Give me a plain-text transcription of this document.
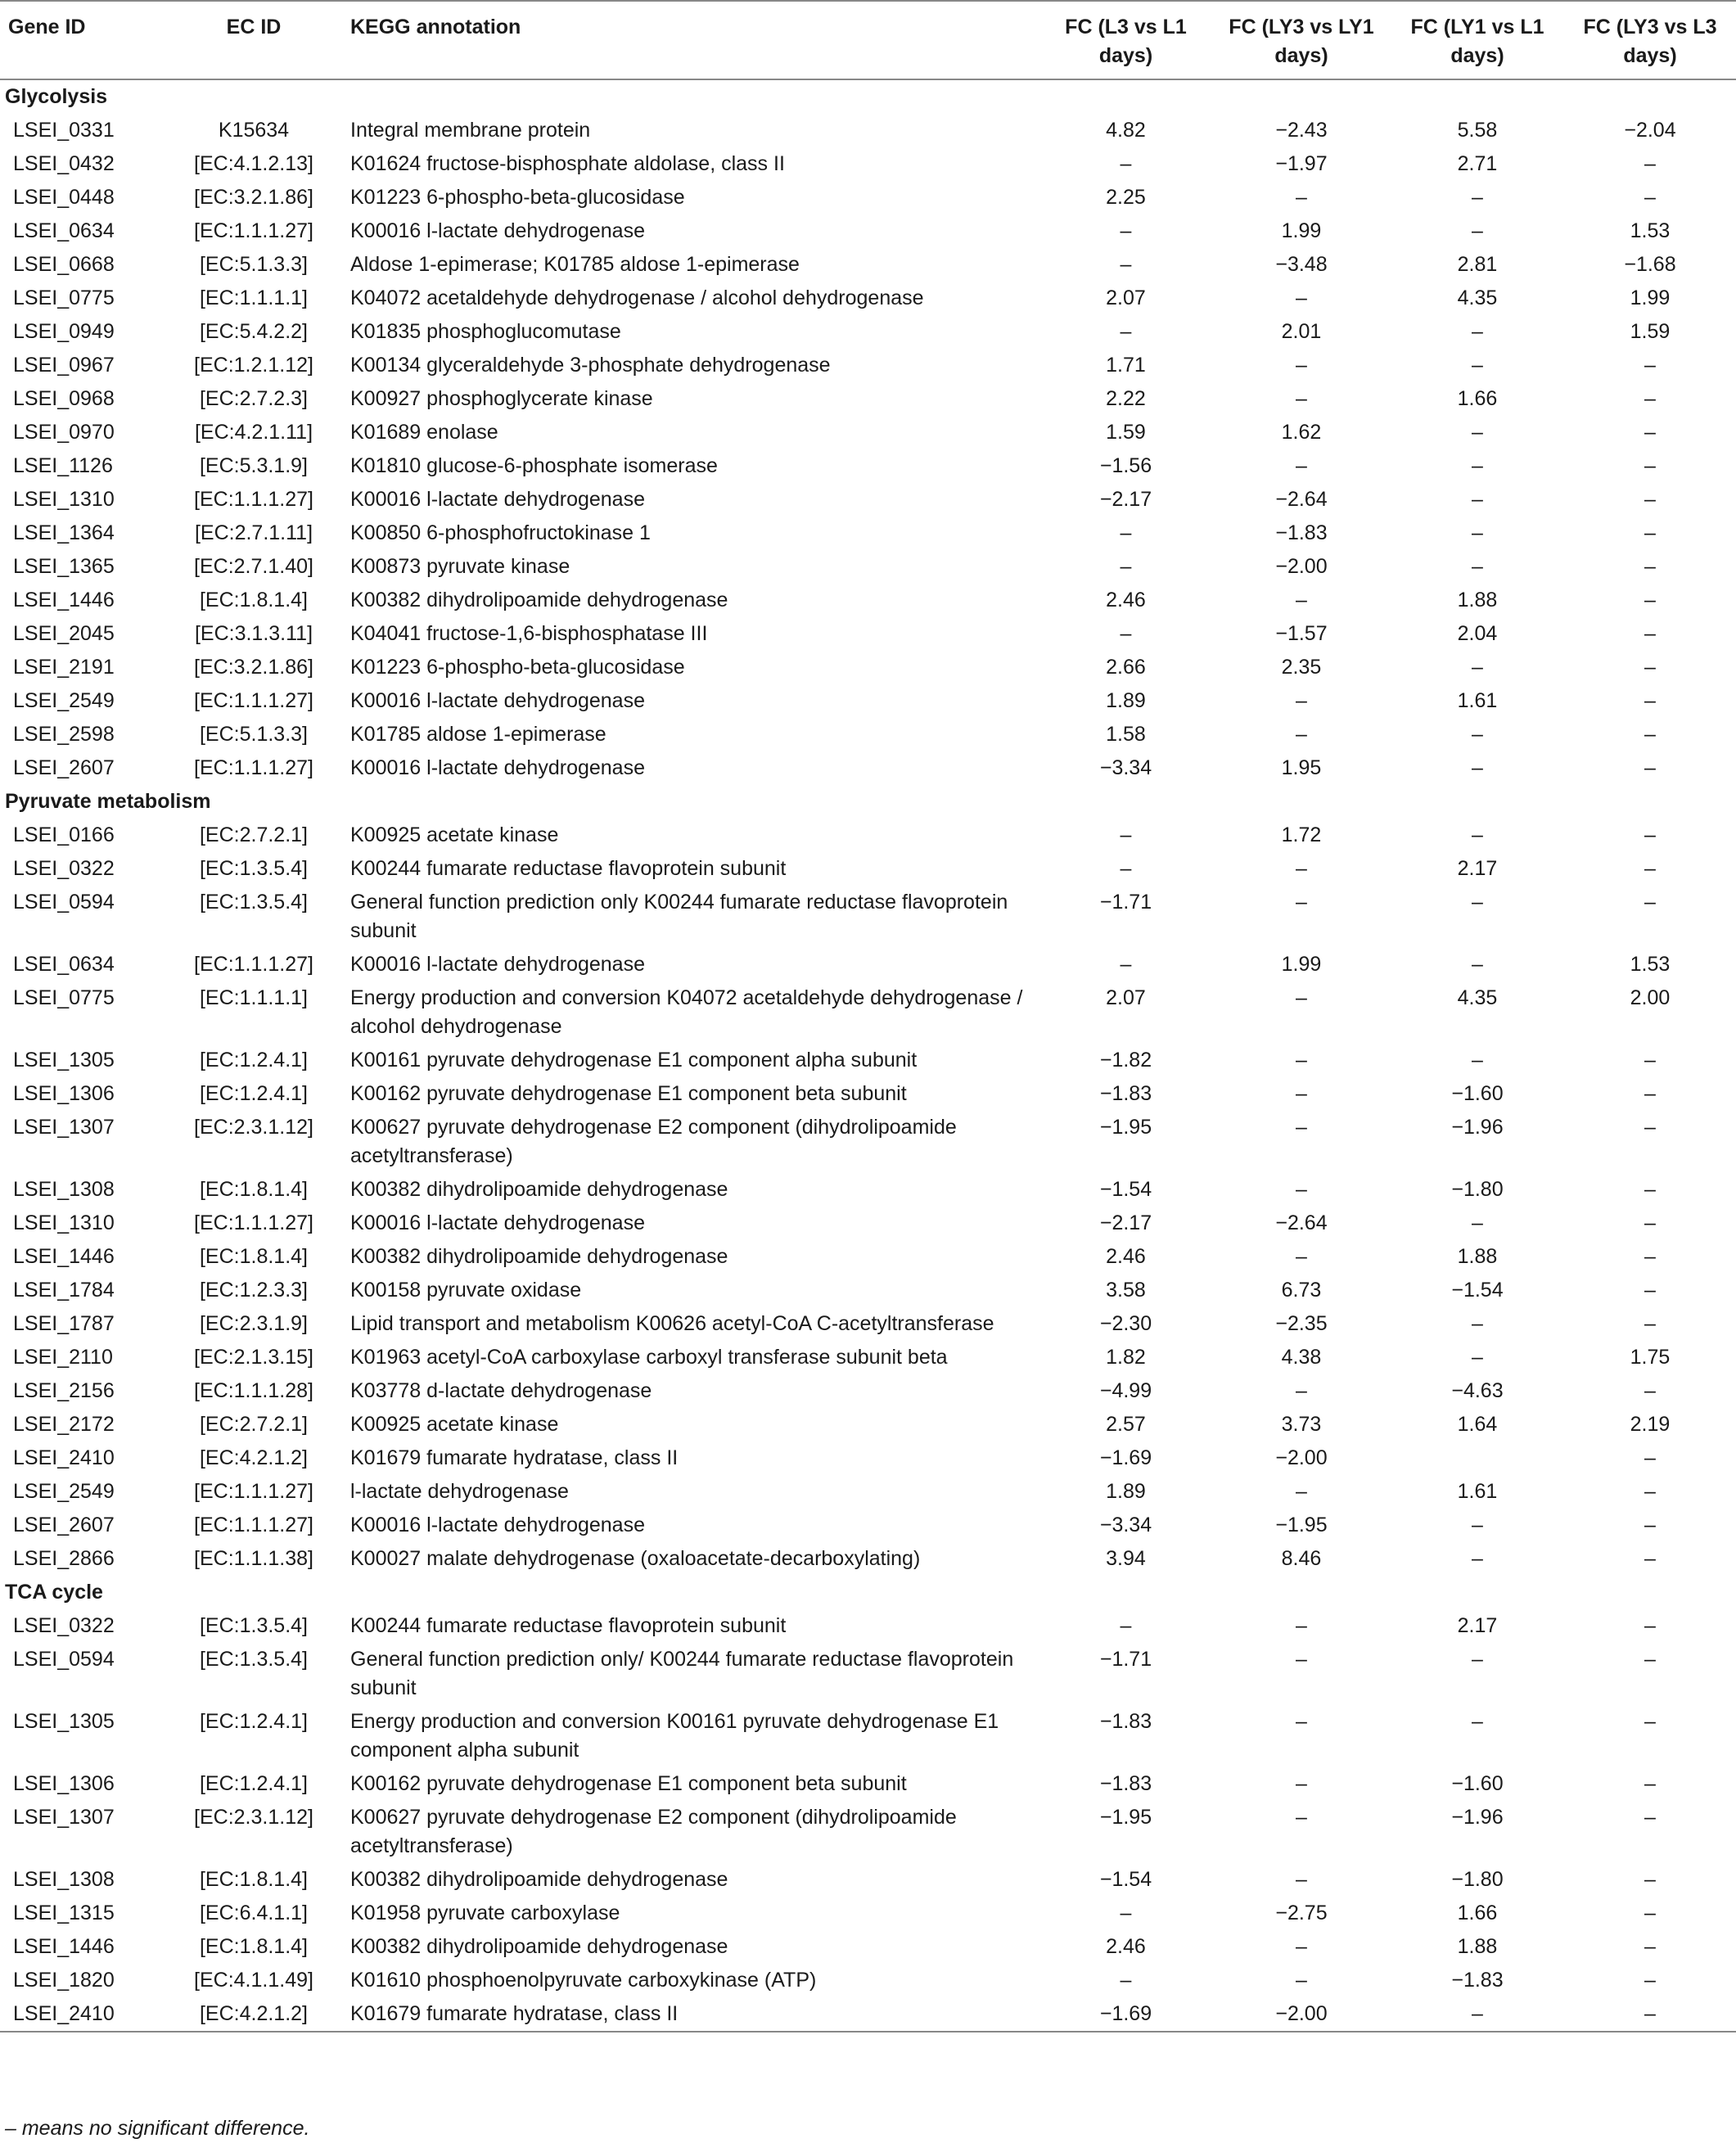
Gene ID	EC ID	KEGG annotation	FC (L3 vs L1 days)	FC (LY3 vs LY1 days)	FC (LY1 vs L1 days)	FC (LY3 vs L3 days)
Glycolysis						
LSEI_0331	K15634	Integral membrane protein	4.82	−2.43	5.58	−2.04
LSEI_0432	[EC:4.1.2.13]	K01624 fructose-bisphosphate aldolase, class II	–	−1.97	2.71	–
LSEI_0448	[EC:3.2.1.86]	K01223 6-phospho-beta-glucosidase	2.25	–	–	–
LSEI_0634	[EC:1.1.1.27]	K00016 l-lactate dehydrogenase	–	1.99	–	1.53
LSEI_0668	[EC:5.1.3.3]	Aldose 1-epimerase; K01785 aldose 1-epimerase	–	−3.48	2.81	−1.68
LSEI_0775	[EC:1.1.1.1]	K04072 acetaldehyde dehydrogenase / alcohol dehydrogenase	2.07	–	4.35	1.99
LSEI_0949	[EC:5.4.2.2]	K01835 phosphoglucomutase	–	2.01	–	1.59
LSEI_0967	[EC:1.2.1.12]	K00134 glyceraldehyde 3-phosphate dehydrogenase	1.71	–	–	–
LSEI_0968	[EC:2.7.2.3]	K00927 phosphoglycerate kinase	2.22	–	1.66	–
LSEI_0970	[EC:4.2.1.11]	K01689 enolase	1.59	1.62	–	–
LSEI_1126	[EC:5.3.1.9]	K01810 glucose-6-phosphate isomerase	−1.56	–	–	–
LSEI_1310	[EC:1.1.1.27]	K00016 l-lactate dehydrogenase	−2.17	−2.64	–	–
LSEI_1364	[EC:2.7.1.11]	K00850 6-phosphofructokinase 1	–	−1.83	–	–
LSEI_1365	[EC:2.7.1.40]	K00873 pyruvate kinase	–	−2.00	–	–
LSEI_1446	[EC:1.8.1.4]	K00382 dihydrolipoamide dehydrogenase	2.46	–	1.88	–
LSEI_2045	[EC:3.1.3.11]	K04041 fructose-1,6-bisphosphatase III	–	−1.57	2.04	–
LSEI_2191	[EC:3.2.1.86]	K01223 6-phospho-beta-glucosidase	2.66	2.35	–	–
LSEI_2549	[EC:1.1.1.27]	K00016 l-lactate dehydrogenase	1.89	–	1.61	–
LSEI_2598	[EC:5.1.3.3]	K01785 aldose 1-epimerase	1.58	–	–	–
LSEI_2607	[EC:1.1.1.27]	K00016 l-lactate dehydrogenase	−3.34	1.95	–	–
Pyruvate metabolism						
LSEI_0166	[EC:2.7.2.1]	K00925 acetate kinase	–	1.72	–	–
LSEI_0322	[EC:1.3.5.4]	K00244 fumarate reductase flavoprotein subunit	–	–	2.17	–
LSEI_0594	[EC:1.3.5.4]	General function prediction only K00244 fumarate reductase flavoprotein subunit	−1.71	–	–	–
LSEI_0634	[EC:1.1.1.27]	K00016 l-lactate dehydrogenase	–	1.99	–	1.53
LSEI_0775	[EC:1.1.1.1]	Energy production and conversion K04072 acetaldehyde dehydrogenase / alcohol dehydrogenase	2.07	–	4.35	2.00
LSEI_1305	[EC:1.2.4.1]	K00161 pyruvate dehydrogenase E1 component alpha subunit	−1.82	–	–	–
LSEI_1306	[EC:1.2.4.1]	K00162 pyruvate dehydrogenase E1 component beta subunit	−1.83	–	−1.60	–
LSEI_1307	[EC:2.3.1.12]	K00627 pyruvate dehydrogenase E2 component (dihydrolipoamide acetyltransferase)	−1.95	–	−1.96	–
LSEI_1308	[EC:1.8.1.4]	K00382 dihydrolipoamide dehydrogenase	−1.54	–	−1.80	–
LSEI_1310	[EC:1.1.1.27]	K00016 l-lactate dehydrogenase	−2.17	−2.64	–	–
LSEI_1446	[EC:1.8.1.4]	K00382 dihydrolipoamide dehydrogenase	2.46	–	1.88	–
LSEI_1784	[EC:1.2.3.3]	K00158 pyruvate oxidase	3.58	6.73	−1.54	–
LSEI_1787	[EC:2.3.1.9]	Lipid transport and metabolism K00626 acetyl-CoA C-acetyltransferase	−2.30	−2.35	–	–
LSEI_2110	[EC:2.1.3.15]	K01963 acetyl-CoA carboxylase carboxyl transferase subunit beta	1.82	4.38	–	1.75
LSEI_2156	[EC:1.1.1.28]	K03778 d-lactate dehydrogenase	−4.99	–	−4.63	–
LSEI_2172	[EC:2.7.2.1]	K00925 acetate kinase	2.57	3.73	1.64	2.19
LSEI_2410	[EC:4.2.1.2]	K01679 fumarate hydratase, class II	−1.69	−2.00		–
LSEI_2549	[EC:1.1.1.27]	l-lactate dehydrogenase	1.89	–	1.61	–
LSEI_2607	[EC:1.1.1.27]	K00016 l-lactate dehydrogenase	−3.34	−1.95	–	–
LSEI_2866	[EC:1.1.1.38]	K00027 malate dehydrogenase (oxaloacetate-decarboxylating)	3.94	8.46	–	–
TCA cycle						
LSEI_0322	[EC:1.3.5.4]	K00244 fumarate reductase flavoprotein subunit	–	–	2.17	–
LSEI_0594	[EC:1.3.5.4]	General function prediction only/ K00244 fumarate reductase flavoprotein subunit	−1.71	–	–	–
LSEI_1305	[EC:1.2.4.1]	Energy production and conversion K00161 pyruvate dehydrogenase E1 component alpha subunit	−1.83	–	–	–
LSEI_1306	[EC:1.2.4.1]	K00162 pyruvate dehydrogenase E1 component beta subunit	−1.83	–	−1.60	–
LSEI_1307	[EC:2.3.1.12]	K00627 pyruvate dehydrogenase E2 component (dihydrolipoamide acetyltransferase)	−1.95	–	−1.96	–
LSEI_1308	[EC:1.8.1.4]	K00382 dihydrolipoamide dehydrogenase	−1.54	–	−1.80	–
LSEI_1315	[EC:6.4.1.1]	K01958 pyruvate carboxylase	–	−2.75	1.66	–
LSEI_1446	[EC:1.8.1.4]	K00382 dihydrolipoamide dehydrogenase	2.46	–	1.88	–
LSEI_1820	[EC:4.1.1.49]	K01610 phosphoenolpyruvate carboxykinase (ATP)	–	–	−1.83	–
LSEI_2410	[EC:4.2.1.2]	K01679 fumarate hydratase, class II	−1.69	−2.00	–	–
– means no significant difference.
